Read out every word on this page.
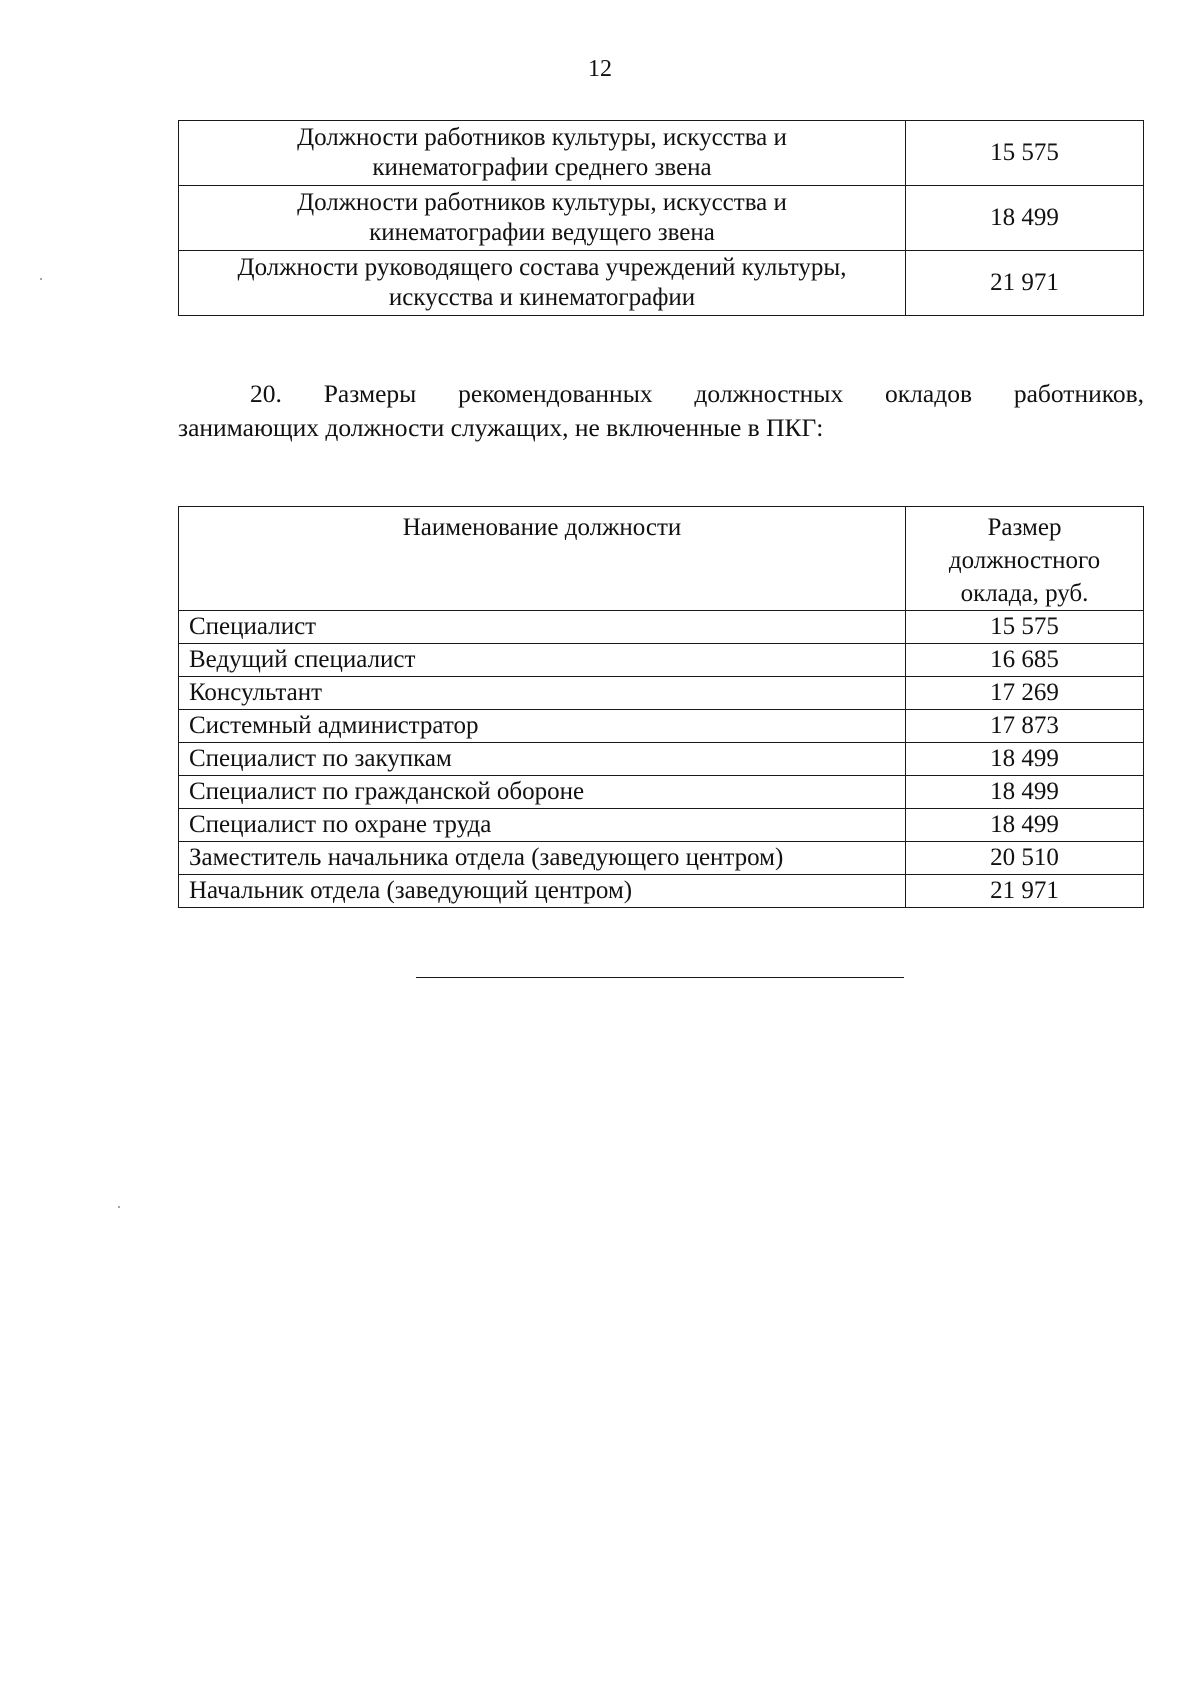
12
Должности работников культуры, искусства и
кинематографии среднего звена	15 575

Должности работников культуры, искусства и
кинематографии ведущего звена	18 499

Должности руководящего состава учреждений культуры,
искусства и кинематографии	21 971
20. Размеры рекомендованных должностных окладов работников,
занимающих должности служащих, не включенные в ПКГ:
Наименование должности	Размер
должностного
оклада, руб.

Специалист	15 575
Ведущий специалист	16 685
Консультант	17 269
Системный администратор	17 873
Специалист по закупкам	18 499
Специалист по гражданской обороне	18 499
Специалист по охране труда	18 499
Заместитель начальника отдела (заведующего центром)	20 510
Начальник отдела (заведующий центром)	21 971
